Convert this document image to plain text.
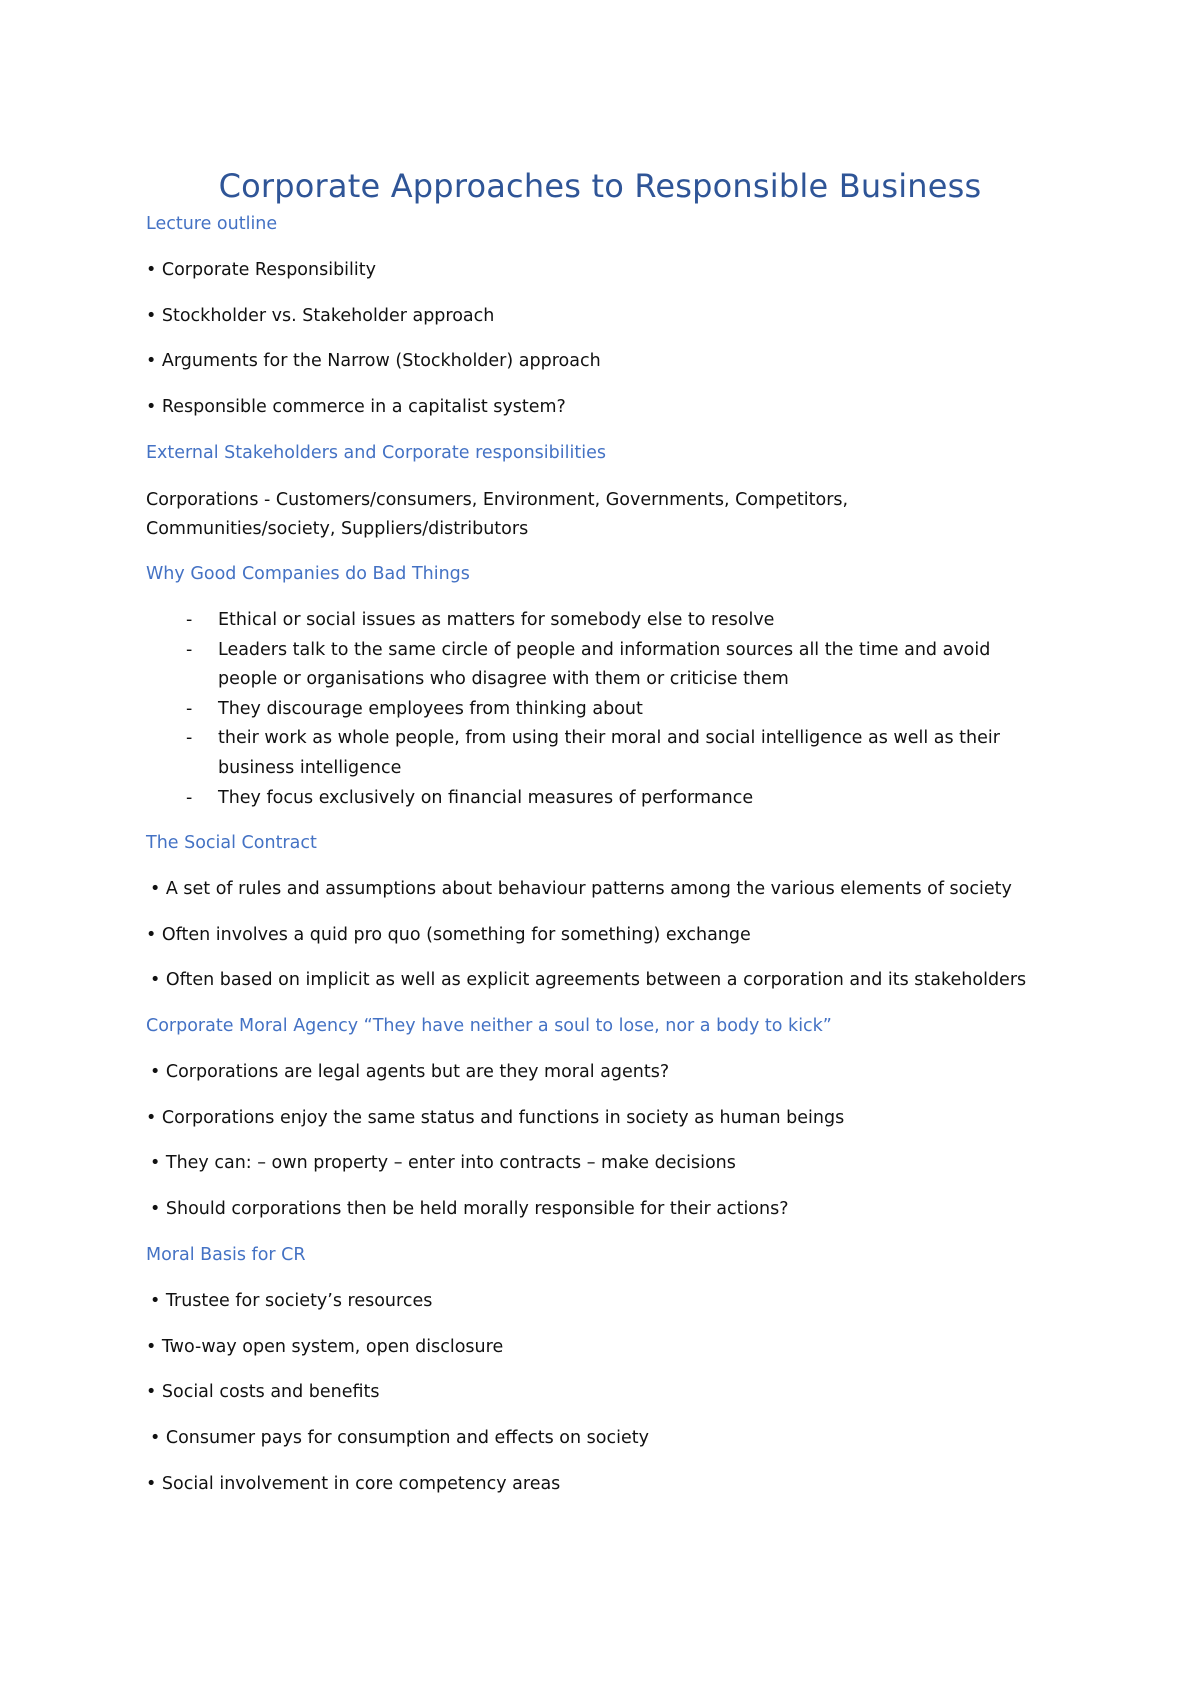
Corporate Approaches to Responsible Business
Lecture outline
• Corporate Responsibility
• Stockholder vs. Stakeholder approach
• Arguments for the Narrow (Stockholder) approach
• Responsible commerce in a capitalist system?
External Stakeholders and Corporate responsibilities
Corporations - Customers/consumers, Environment, Governments, Competitors,
Communities/society, Suppliers/distributors
Why Good Companies do Bad Things
- Ethical or social issues as matters for somebody else to resolve
- Leaders talk to the same circle of people and information sources all the time and avoid
people or organisations who disagree with them or criticise them
- They discourage employees from thinking about
- their work as whole people, from using their moral and social intelligence as well as their
business intelligence
- They focus exclusively on financial measures of performance
The Social Contract
• A set of rules and assumptions about behaviour patterns among the various elements of society
• Often involves a quid pro quo (something for something) exchange
• Often based on implicit as well as explicit agreements between a corporation and its stakeholders
Corporate Moral Agency “They have neither a soul to lose, nor a body to kick”
• Corporations are legal agents but are they moral agents?
• Corporations enjoy the same status and functions in society as human beings
• They can: – own property – enter into contracts – make decisions
• Should corporations then be held morally responsible for their actions?
Moral Basis for CR
• Trustee for society’s resources
• Two-way open system, open disclosure
• Social costs and benefits
• Consumer pays for consumption and effects on society
• Social involvement in core competency areas
